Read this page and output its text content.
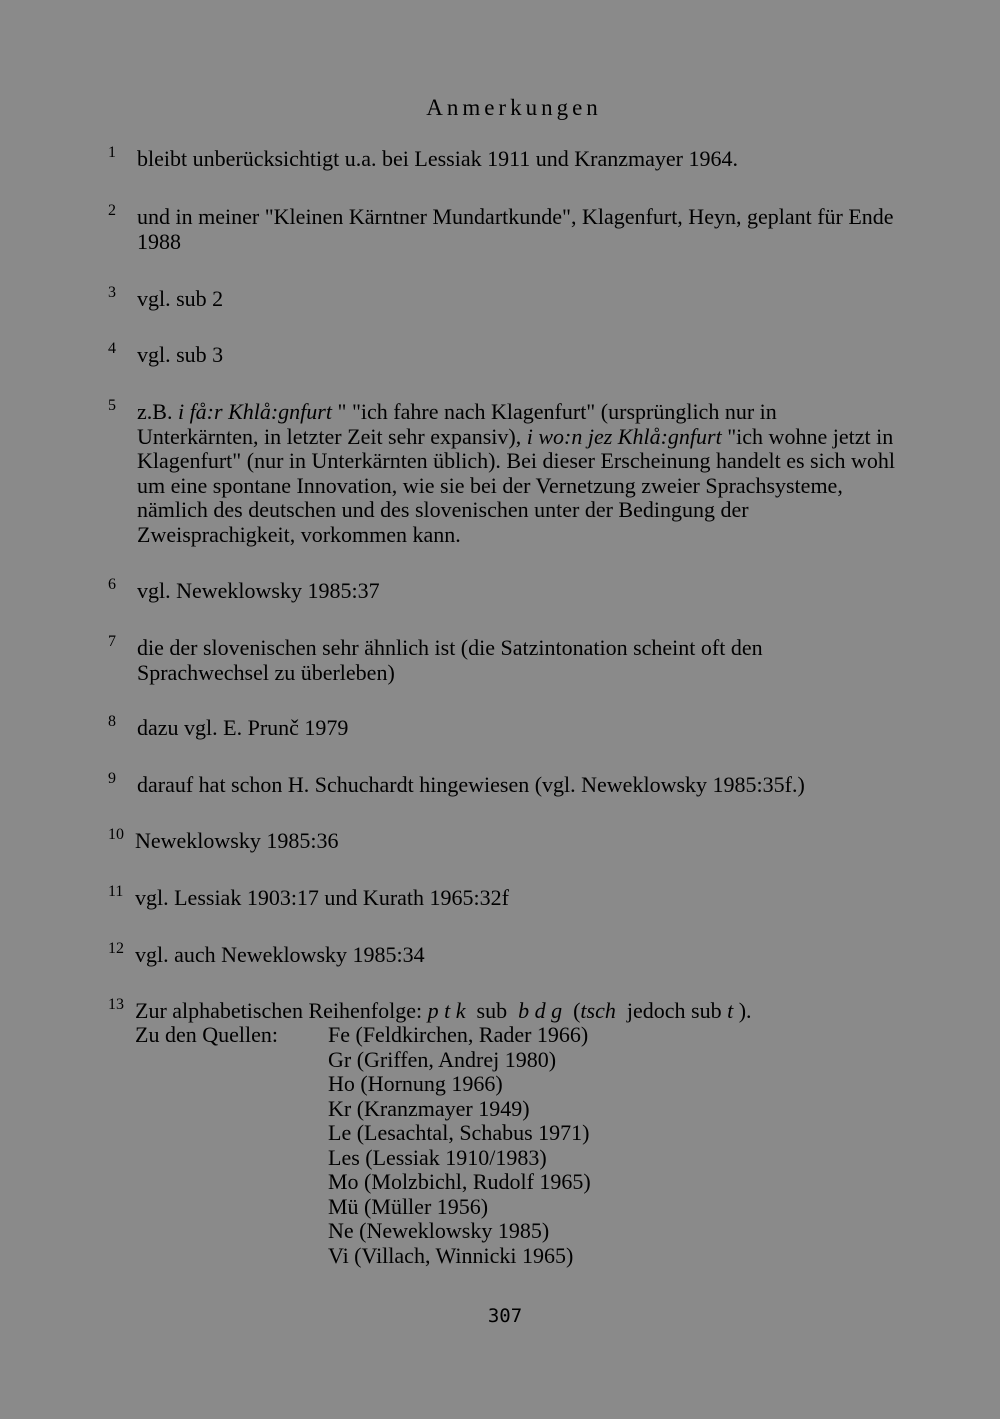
Anmerkungen
1 bleibt unberücksichtigt u.a. bei Lessiak 1911 und Kranzmayer 1964.
2 und in meiner "Kleinen Kärntner Mundartkunde", Klagenfurt, Heyn, geplant für Ende 1988
3 vgl. sub 2
4 vgl. sub 3
5 z.B. i få:r Khlå:gnfurt " "ich fahre nach Klagenfurt" (ursprünglich nur in Unterkärnten, in letzter Zeit sehr expansiv), i wo:n jez Khlå:gnfurt "ich wohne jetzt in Klagenfurt" (nur in Unterkärnten üblich). Bei dieser Erscheinung handelt es sich wohl um eine spontane Innovation, wie sie bei der Vernetzung zweier Sprachsysteme, nämlich des deutschen und des slovenischen unter der Bedingung der Zweisprachigkeit, vorkommen kann.
6 vgl. Neweklowsky 1985:37
7 die der slovenischen sehr ähnlich ist (die Satzintonation scheint oft den Sprachwechsel zu überleben)
8 dazu vgl. E. Prunč 1979
9 darauf hat schon H. Schuchardt hingewiesen (vgl. Neweklowsky 1985:35f.)
10 Neweklowsky 1985:36
11 vgl. Lessiak 1903:17 und Kurath 1965:32f
12 vgl. auch Neweklowsky 1985:34
13 Zur alphabetischen Reihenfolge: p t k  sub  b d g  (tsch  jedoch sub t ).
Zu den Quellen: Fe (Feldkirchen, Rader 1966)
Gr (Griffen, Andrej 1980)
Ho (Hornung 1966)
Kr (Kranzmayer 1949)
Le (Lesachtal, Schabus 1971)
Les (Lessiak 1910/1983)
Mo (Molzbichl, Rudolf 1965)
Mü (Müller 1956)
Ne (Neweklowsky 1985)
Vi (Villach, Winnicki 1965)
307
